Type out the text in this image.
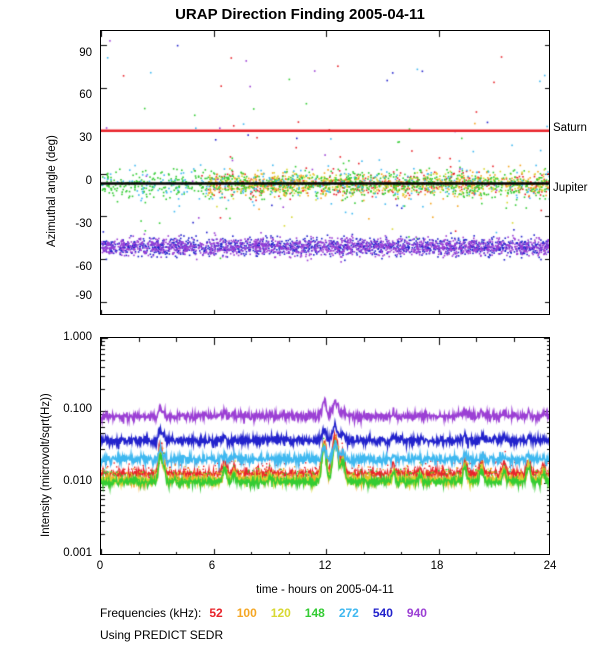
URAP Direction Finding 2005-04-11
Azimuthal angle (deg)
90
60
30
0
-30
-60
-90
Saturn
Jupiter
Intensity (microvolt/sqrt(Hz))
1.000
0.100
0.010
0.001
0	6	12	18	24
time - hours on 2005-04-11
Frequencies (kHz): 52 100 120 148 272 540 940
Using PREDICT SEDR
